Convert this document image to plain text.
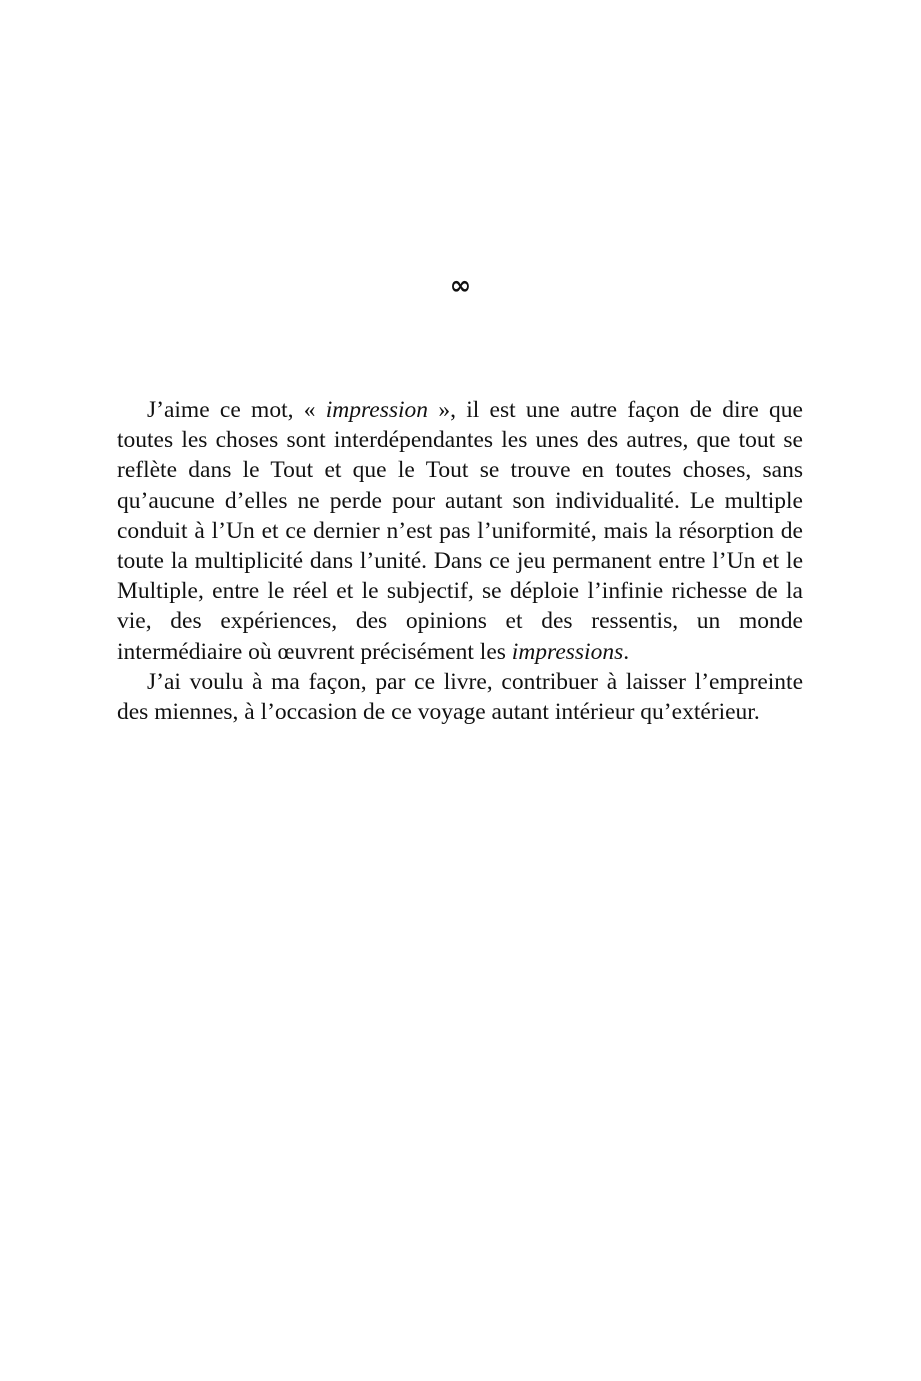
∞

J’aime ce mot, « impression », il est une autre façon de dire que toutes les choses sont interdépendantes les unes des autres, que tout se reflète dans le Tout et que le Tout se trouve en toutes choses, sans qu’aucune d’elles ne perde pour autant son individualité. Le multiple conduit à l’Un et ce dernier n’est pas l’uniformité, mais la résorption de toute la multiplicité dans l’unité. Dans ce jeu permanent entre l’Un et le Multiple, entre le réel et le subjectif, se déploie l’infinie richesse de la vie, des expériences, des opinions et des ressentis, un monde intermédiaire où œuvrent précisément les impressions.

J’ai voulu à ma façon, par ce livre, contribuer à laisser l’empreinte des miennes, à l’occasion de ce voyage autant intérieur qu’extérieur.
